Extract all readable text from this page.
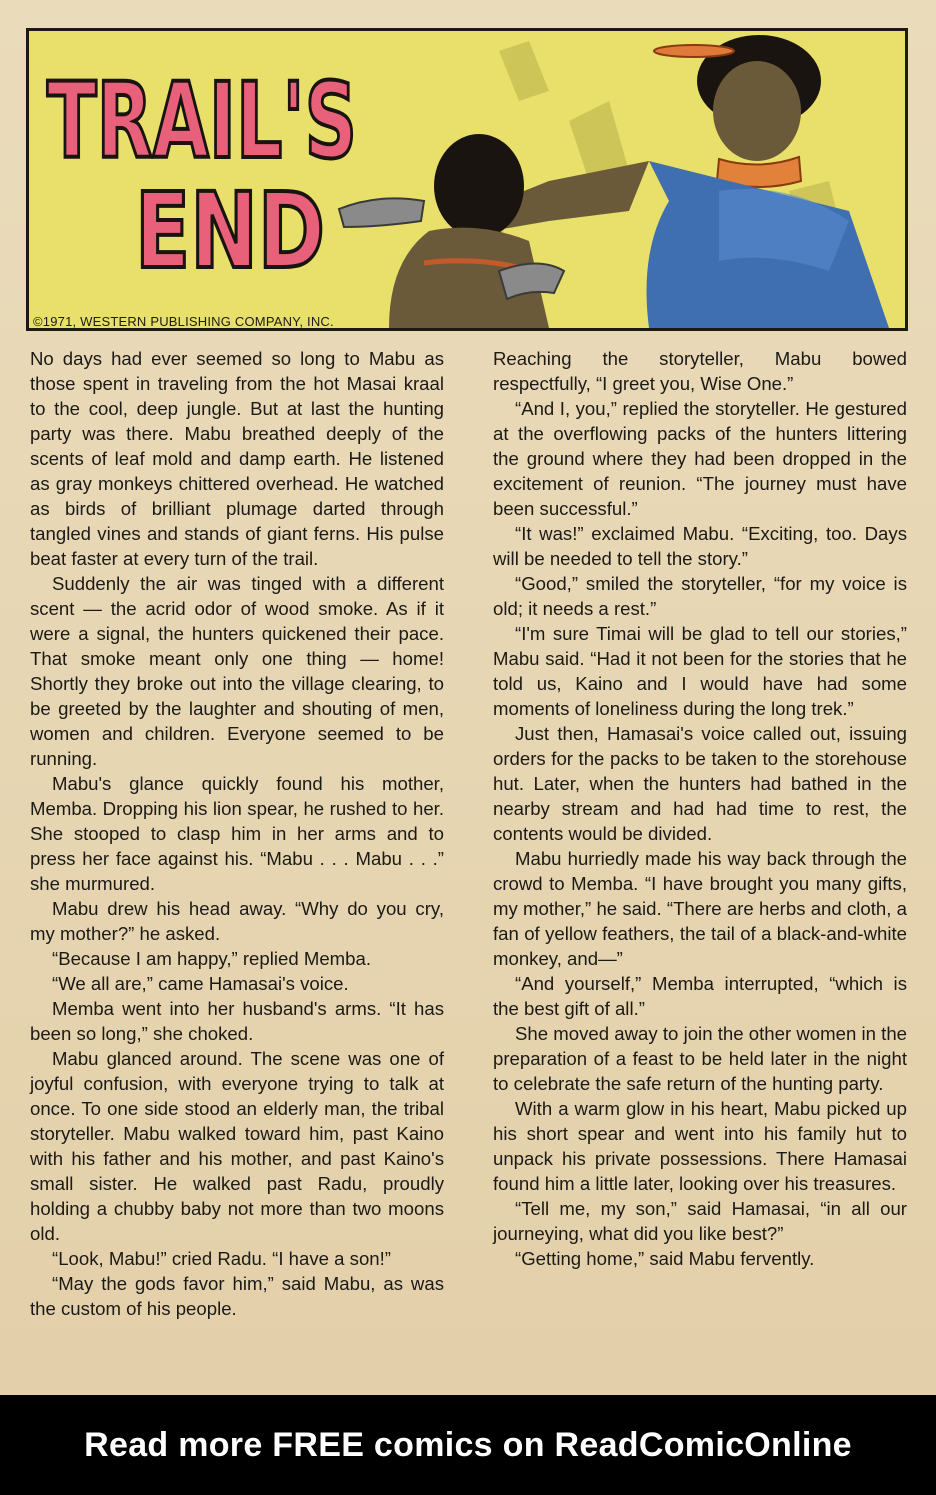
TRAIL'S
END
©1971, WESTERN PUBLISHING COMPANY, INC.

No days had ever seemed so long to Mabu as those spent in traveling from the hot Masai kraal to the cool, deep jungle. But at last the hunting party was there. Mabu breathed deeply of the scents of leaf mold and damp earth. He listened as gray monkeys chittered overhead. He watched as birds of brilliant plumage darted through tangled vines and stands of giant ferns. His pulse beat faster at every turn of the trail.

Suddenly the air was tinged with a different scent — the acrid odor of wood smoke. As if it were a signal, the hunters quickened their pace. That smoke meant only one thing — home! Shortly they broke out into the village clearing, to be greeted by the laughter and shouting of men, women and children. Everyone seemed to be running.

Mabu's glance quickly found his mother, Memba. Dropping his lion spear, he rushed to her. She stooped to clasp him in her arms and to press her face against his. “Mabu . . . Mabu . . .” she murmured.

Mabu drew his head away. “Why do you cry, my mother?” he asked.

“Because I am happy,” replied Memba.

“We all are,” came Hamasai's voice.

Memba went into her husband's arms. “It has been so long,” she choked.

Mabu glanced around. The scene was one of joyful confusion, with everyone trying to talk at once. To one side stood an elderly man, the tribal storyteller. Mabu walked toward him, past Kaino with his father and his mother, and past Kaino's small sister. He walked past Radu, proudly holding a chubby baby not more than two moons old.

“Look, Mabu!” cried Radu. “I have a son!”

“May the gods favor him,” said Mabu, as was the custom of his people.

Reaching the storyteller, Mabu bowed respectfully, “I greet you, Wise One.”

“And I, you,” replied the storyteller. He gestured at the overflowing packs of the hunters littering the ground where they had been dropped in the excitement of reunion. “The journey must have been successful.”

“It was!” exclaimed Mabu. “Exciting, too. Days will be needed to tell the story.”

“Good,” smiled the storyteller, “for my voice is old; it needs a rest.”

“I'm sure Timai will be glad to tell our stories,” Mabu said. “Had it not been for the stories that he told us, Kaino and I would have had some moments of loneliness during the long trek.”

Just then, Hamasai's voice called out, issuing orders for the packs to be taken to the storehouse hut. Later, when the hunters had bathed in the nearby stream and had had time to rest, the contents would be divided.

Mabu hurriedly made his way back through the crowd to Memba. “I have brought you many gifts, my mother,” he said. “There are herbs and cloth, a fan of yellow feathers, the tail of a black-and-white monkey, and—”

“And yourself,” Memba interrupted, “which is the best gift of all.”

She moved away to join the other women in the preparation of a feast to be held later in the night to celebrate the safe return of the hunting party.

With a warm glow in his heart, Mabu picked up his short spear and went into his family hut to unpack his private possessions. There Hamasai found him a little later, looking over his treasures.

“Tell me, my son,” said Hamasai, “in all our journeying, what did you like best?”

“Getting home,” said Mabu fervently.

Read more FREE comics on ReadComicOnline
